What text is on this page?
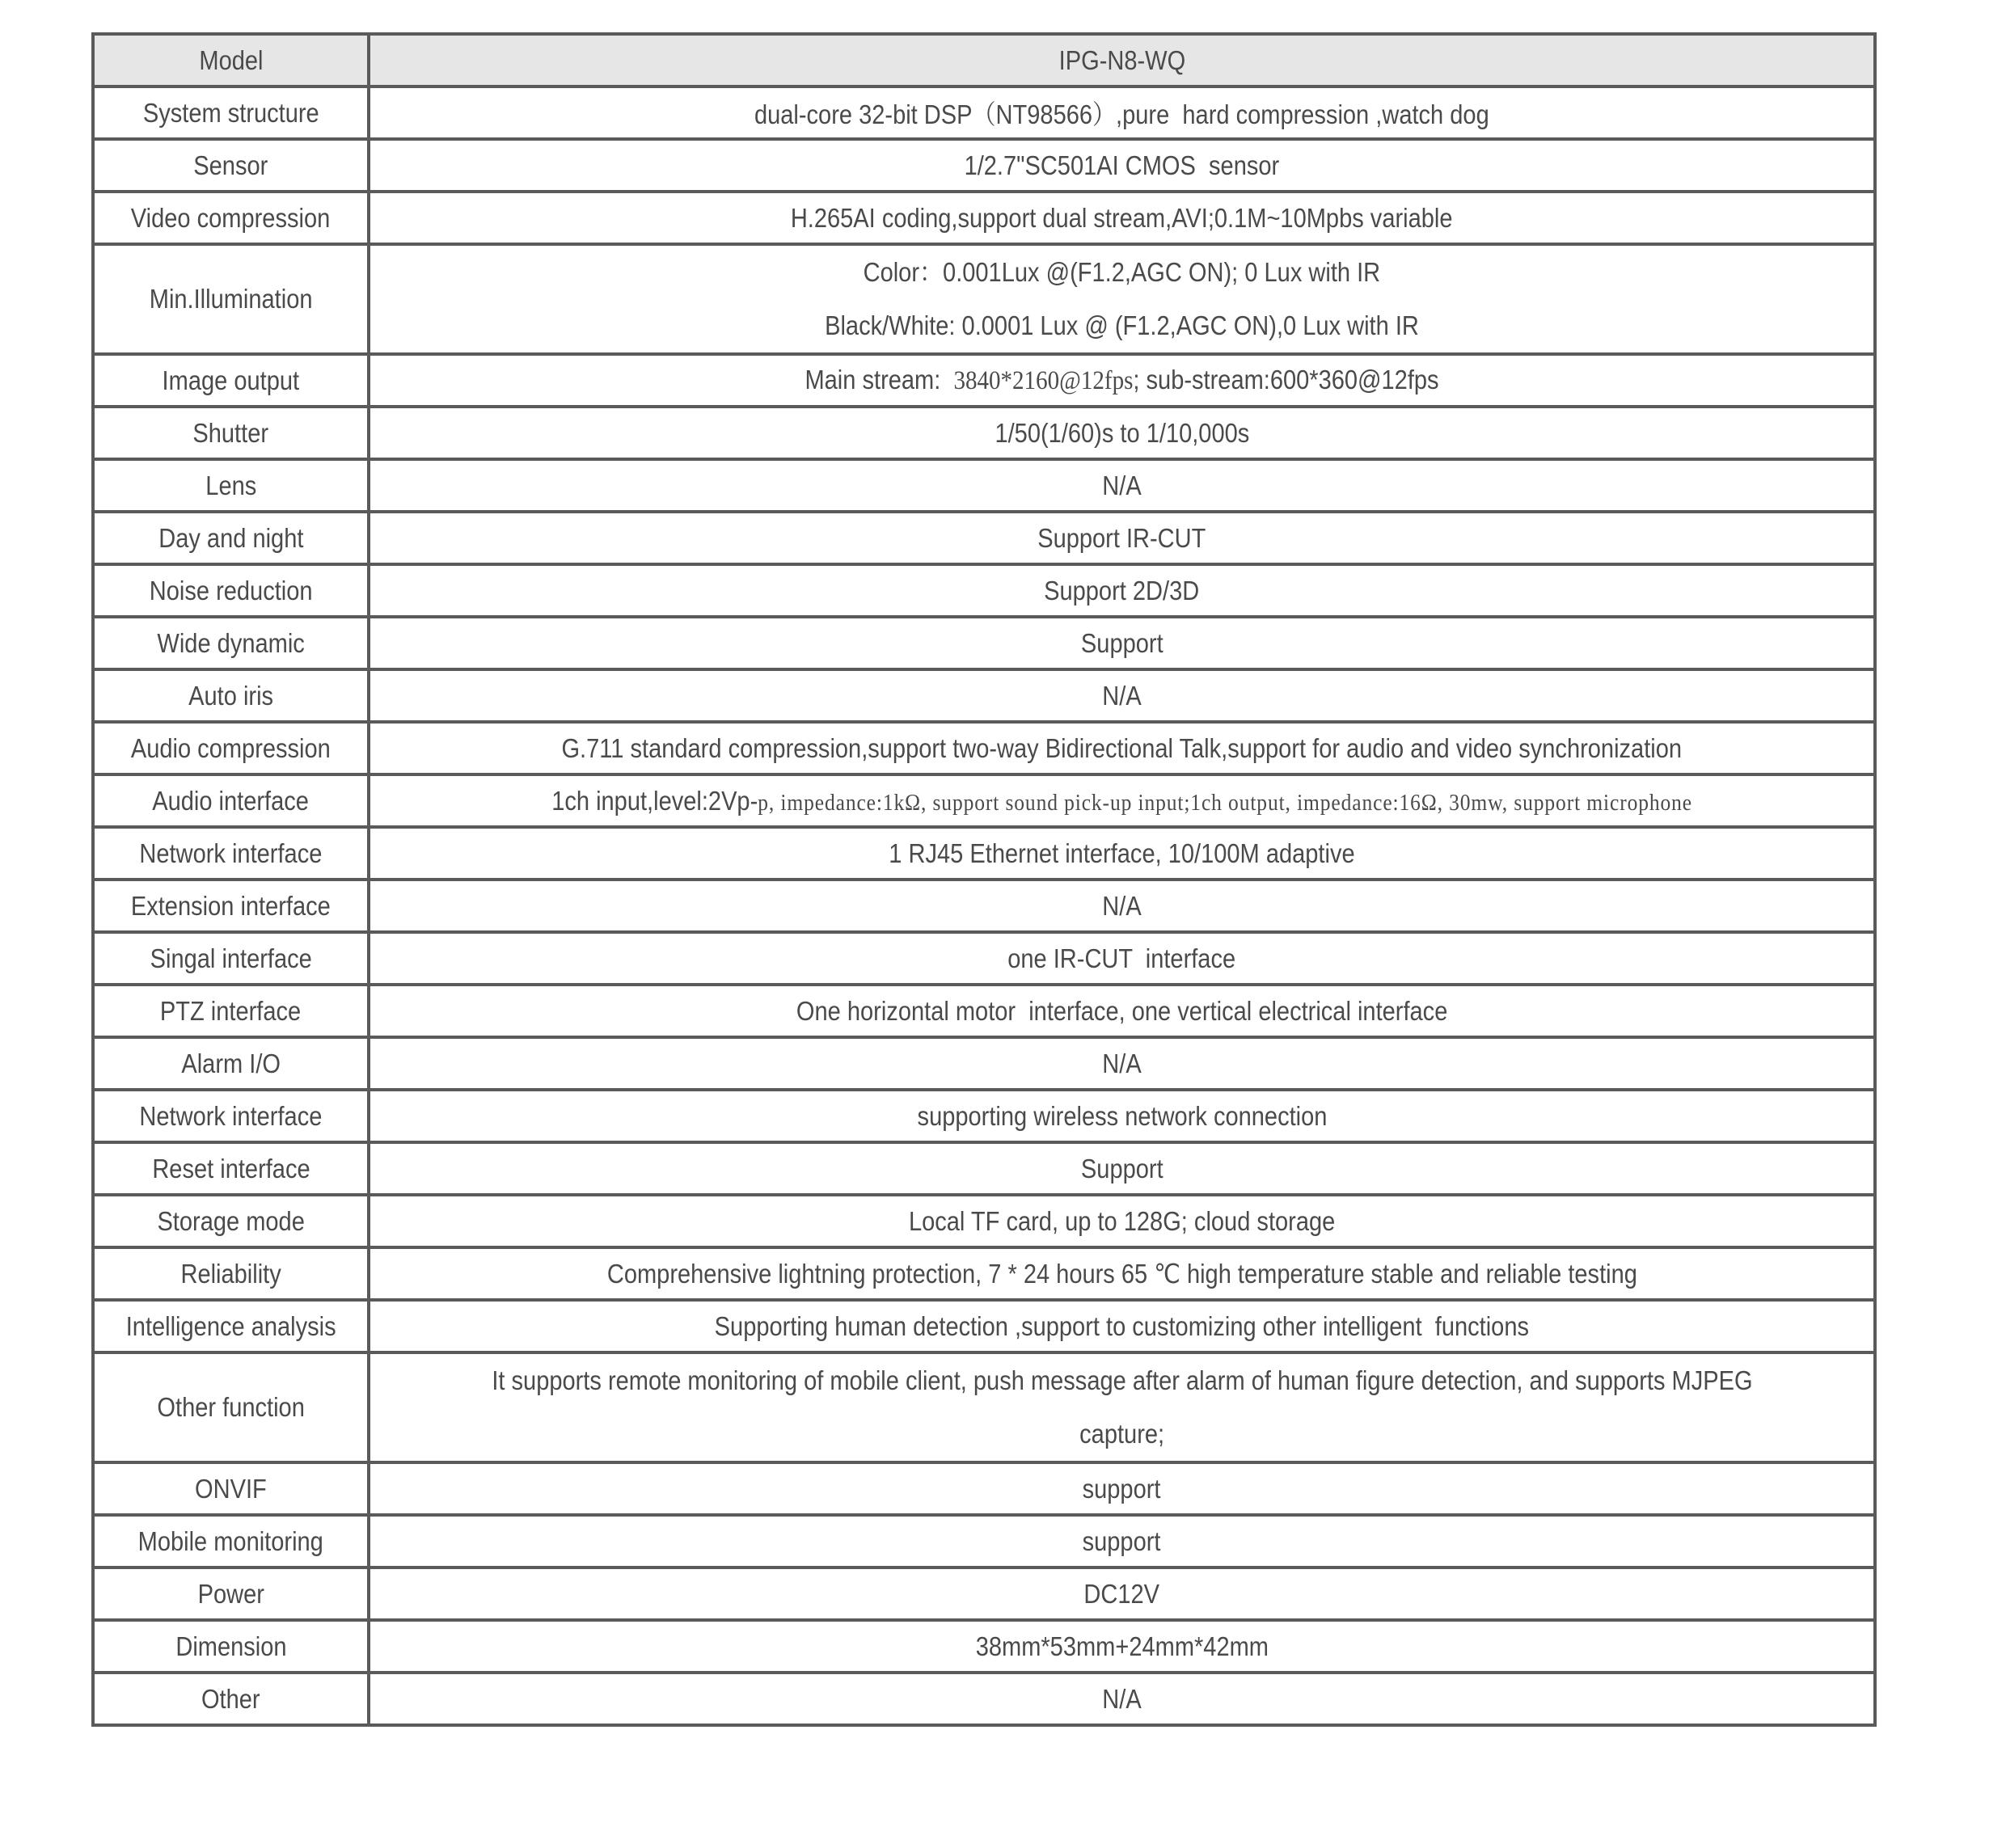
Model	IPG-N8-WQ
System structure	dual-core 32-bit DSP（NT98566）,pure  hard compression ,watch dog
Sensor	1/2.7"SC501AI CMOS  sensor
Video compression	H.265AI coding,support dual stream,AVI;0.1M~10Mpbs variable
Min.Illumination	Color：0.001Lux @(F1.2,AGC ON); 0 Lux with IR
Black/White: 0.0001 Lux @ (F1.2,AGC ON),0 Lux with IR

Image output	Main stream:  3840*2160@12fps; sub-stream:600*360@12fps
Shutter	1/50(1/60)s to 1/10,000s
Lens	N/A
Day and night	Support IR-CUT
Noise reduction	Support 2D/3D
Wide dynamic	Support
Auto iris	N/A
Audio compression	G.711 standard compression,support two-way Bidirectional Talk,support for audio and video synchronization
Audio interface	1ch input,level:2Vp-p, impedance:1kΩ, support sound pick-up input;1ch output, impedance:16Ω, 30mw, support microphone
Network interface	1 RJ45 Ethernet interface, 10/100M adaptive
Extension interface	N/A
Singal interface	one IR-CUT  interface
PTZ interface	One horizontal motor  interface, one vertical electrical interface
Alarm I/O	N/A
Network interface	supporting wireless network connection
Reset interface	Support
Storage mode	Local TF card, up to 128G; cloud storage
Reliability	Comprehensive lightning protection, 7 * 24 hours 65 ℃ high temperature stable and reliable testing
Intelligence analysis	Supporting human detection ,support to customizing other intelligent  functions
Other function	It supports remote monitoring of mobile client, push message after alarm of human figure detection, and supports MJPEG
capture;

ONVIF	support
Mobile monitoring	support
Power	DC12V
Dimension	38mm*53mm+24mm*42mm
Other	N/A
